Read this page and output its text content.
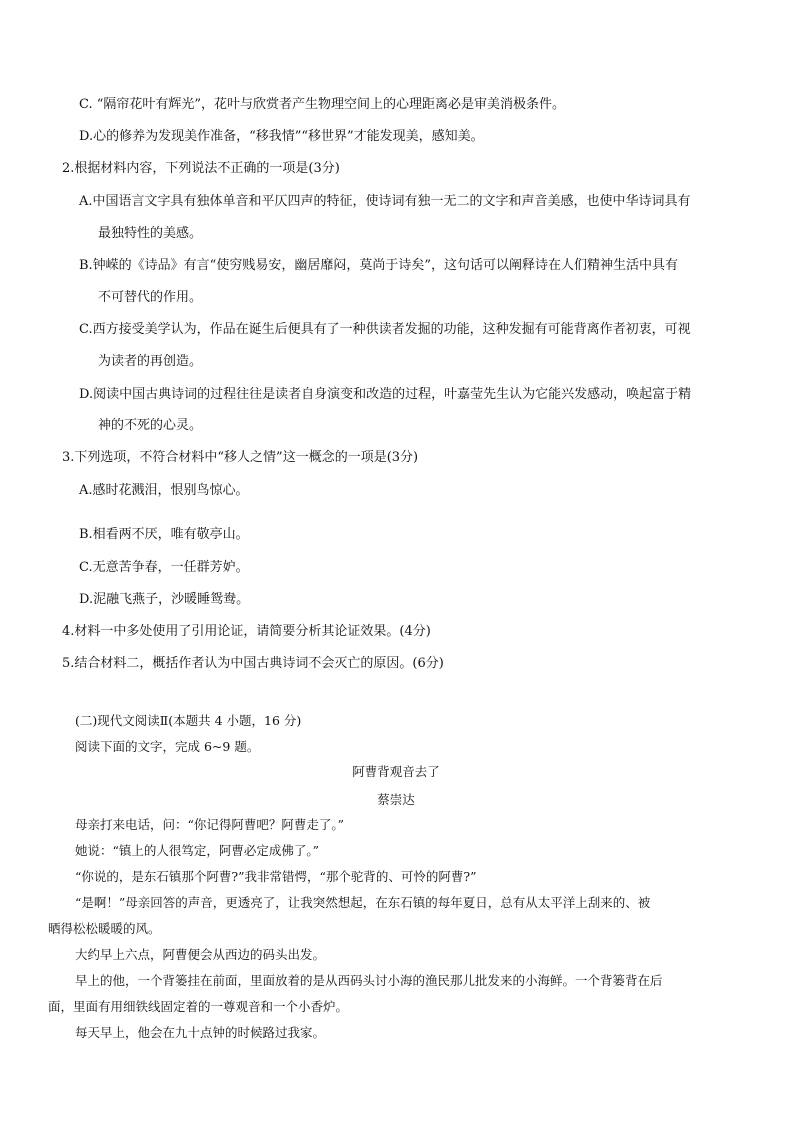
C. “隔帘花叶有辉光”，花叶与欣赏者产生物理空间上的心理距离必是审美消极条件。
D.心的修养为发现美作准备，“移我情”“移世界”才能发现美，感知美。
2.根据材料内容，下列说法不正确的一项是(3分)
A.中国语言文字具有独体单音和平仄四声的特征，使诗词有独一无二的文字和声音美感，也使中华诗词具有
最独特性的美感。
B.钟嵘的《诗品》有言“使穷贱易安，幽居靡闷，莫尚于诗矣”，这句话可以阐释诗在人们精神生活中具有
不可替代的作用。
C.西方接受美学认为，作品在诞生后便具有了一种供读者发掘的功能，这种发掘有可能背离作者初衷，可视
为读者的再创造。
D.阅读中国古典诗词的过程往往是读者自身演变和改造的过程，叶嘉莹先生认为它能兴发感动，唤起富于精
神的不死的心灵。
3.下列选项，不符合材料中“移人之情”这一概念的一项是(3分)
A.感时花溅泪，恨别鸟惊心。
B.相看两不厌，唯有敬亭山。
C.无意苦争春，一任群芳妒。
D.泥融飞燕子，沙暖睡鸳鸯。
4.材料一中多处使用了引用论证，请简要分析其论证效果。(4分)
5.结合材料二，概括作者认为中国古典诗词不会灭亡的原因。(6分)
(二)现代文阅读Ⅱ(本题共 4 小题，16 分)
阅读下面的文字，完成 6~9 题。
阿曹背观音去了
蔡崇达
母亲打来电话，问：“你记得阿曹吧？阿曹走了。”
她说：“镇上的人很笃定，阿曹必定成佛了。”
“你说的，是东石镇那个阿曹?”我非常错愕，“那个驼背的、可怜的阿曹?”
“是啊！”母亲回答的声音，更透亮了，让我突然想起，在东石镇的每年夏日，总有从太平洋上刮来的、被
晒得松松暖暖的风。
大约早上六点，阿曹便会从西边的码头出发。
早上的他，一个背篓挂在前面，里面放着的是从西码头讨小海的渔民那儿批发来的小海鲜。一个背篓背在后
面，里面有用细铁线固定着的一尊观音和一个小香炉。
每天早上，他会在九十点钟的时候路过我家。
